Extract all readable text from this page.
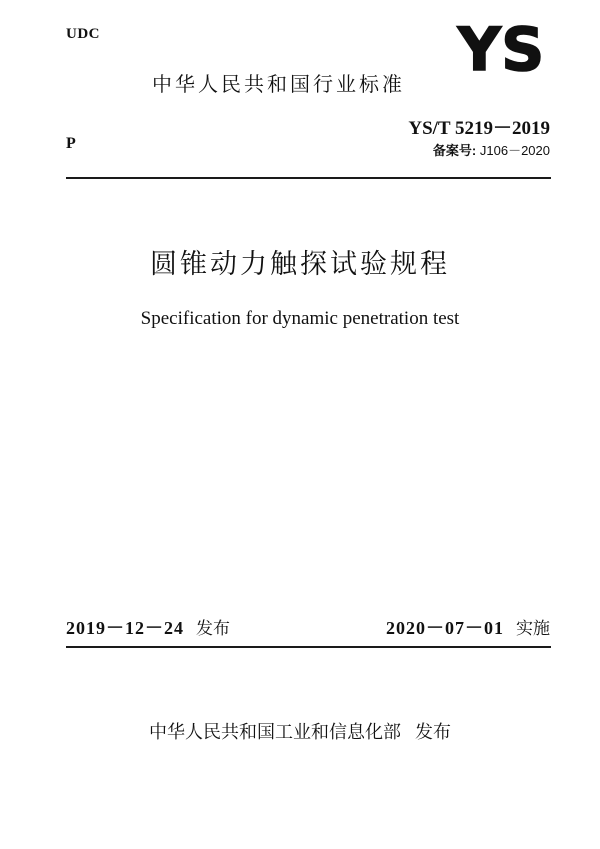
UDC	YS
中华人民共和国行业标准
YS/T 5219－2019
备案号: J106－2020
P
圆锥动力触探试验规程
Specification for dynamic penetration test
2019－12－24 发布	2020－07－01 实施
中华人民共和国工业和信息化部 发布
